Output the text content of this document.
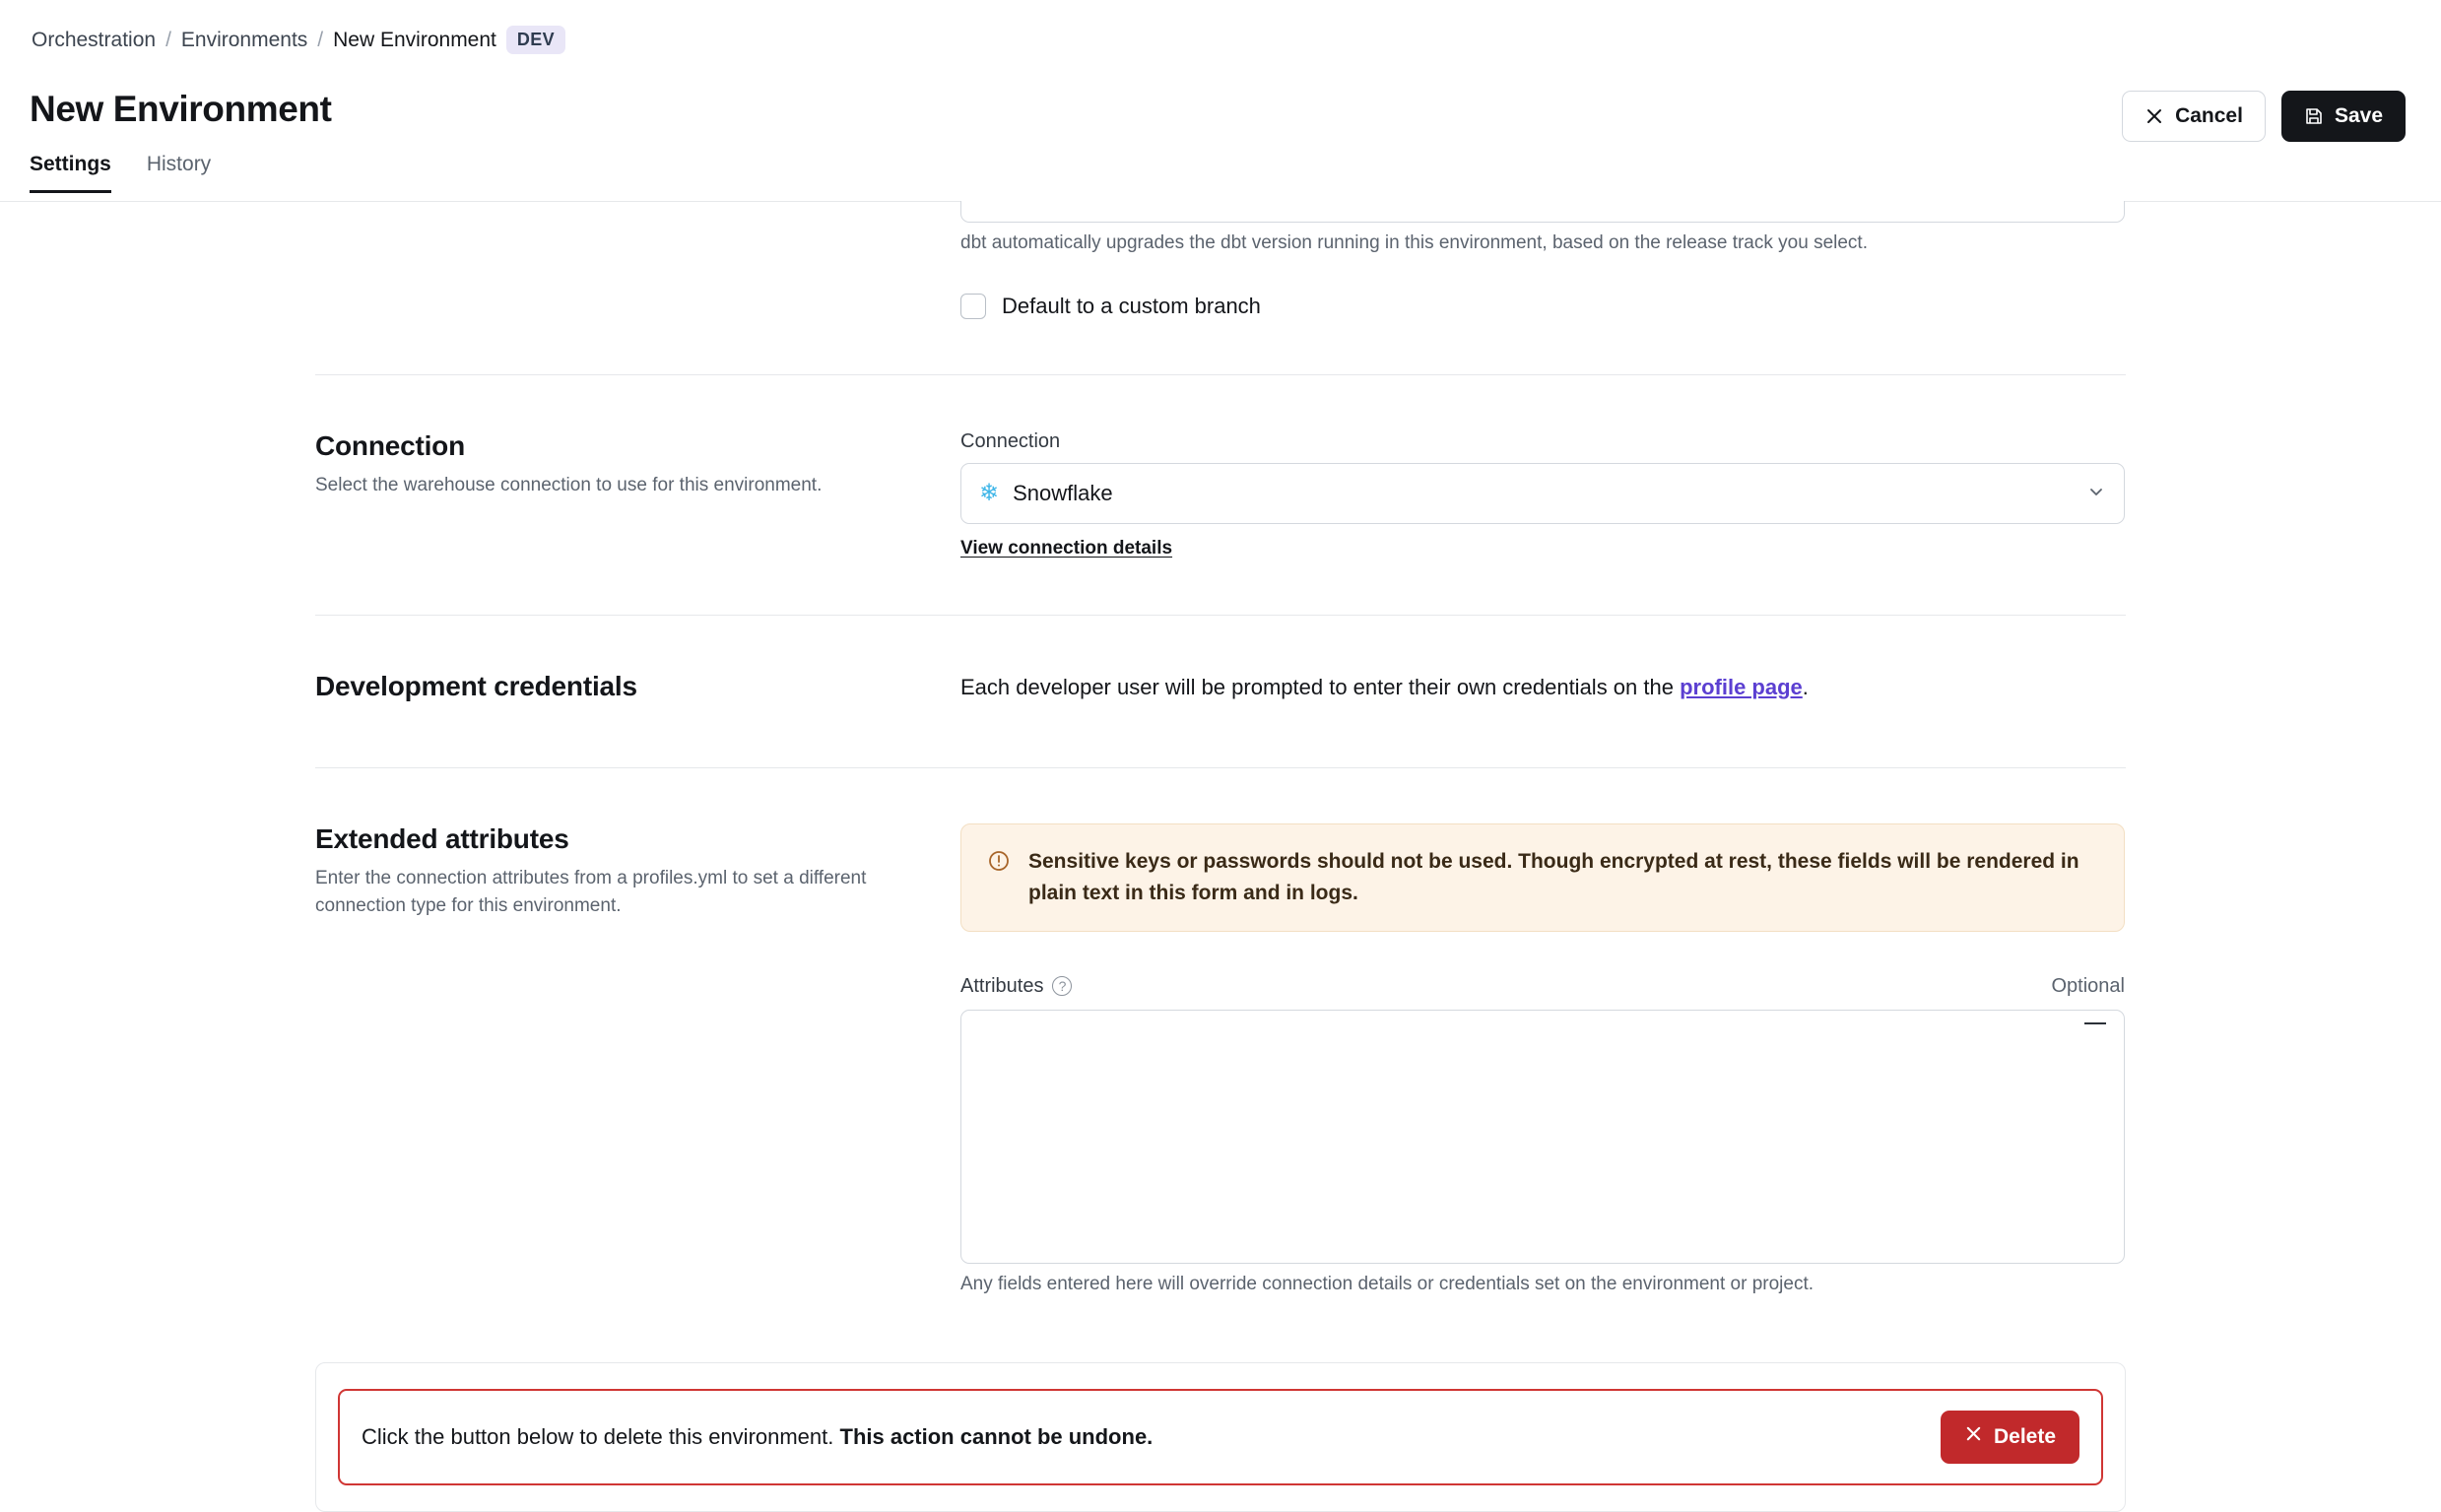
Orchestration / Environments / New Environment	DEV
New Environment	Cancel	Save
Settings History
dbt automatically upgrades the dbt version running in this environment, based on the release track you select.
Default to a custom branch
Connection
Select the warehouse connection to use for this environment.
Connection
❄ Snowflake
View connection details
Development credentials	Each developer user will be prompted to enter their own credentials on the profile page.
Extended attributes
Enter the connection attributes from a profiles.yml to set a different connection type for this environment.
Sensitive keys or passwords should not be used. Though encrypted at rest, these fields will be rendered in plain text in this form and in logs.
Attributes	?	Optional
Any fields entered here will override connection details or credentials set on the environment or project.
Click the button below to delete this environment. This action cannot be undone.	Delete
